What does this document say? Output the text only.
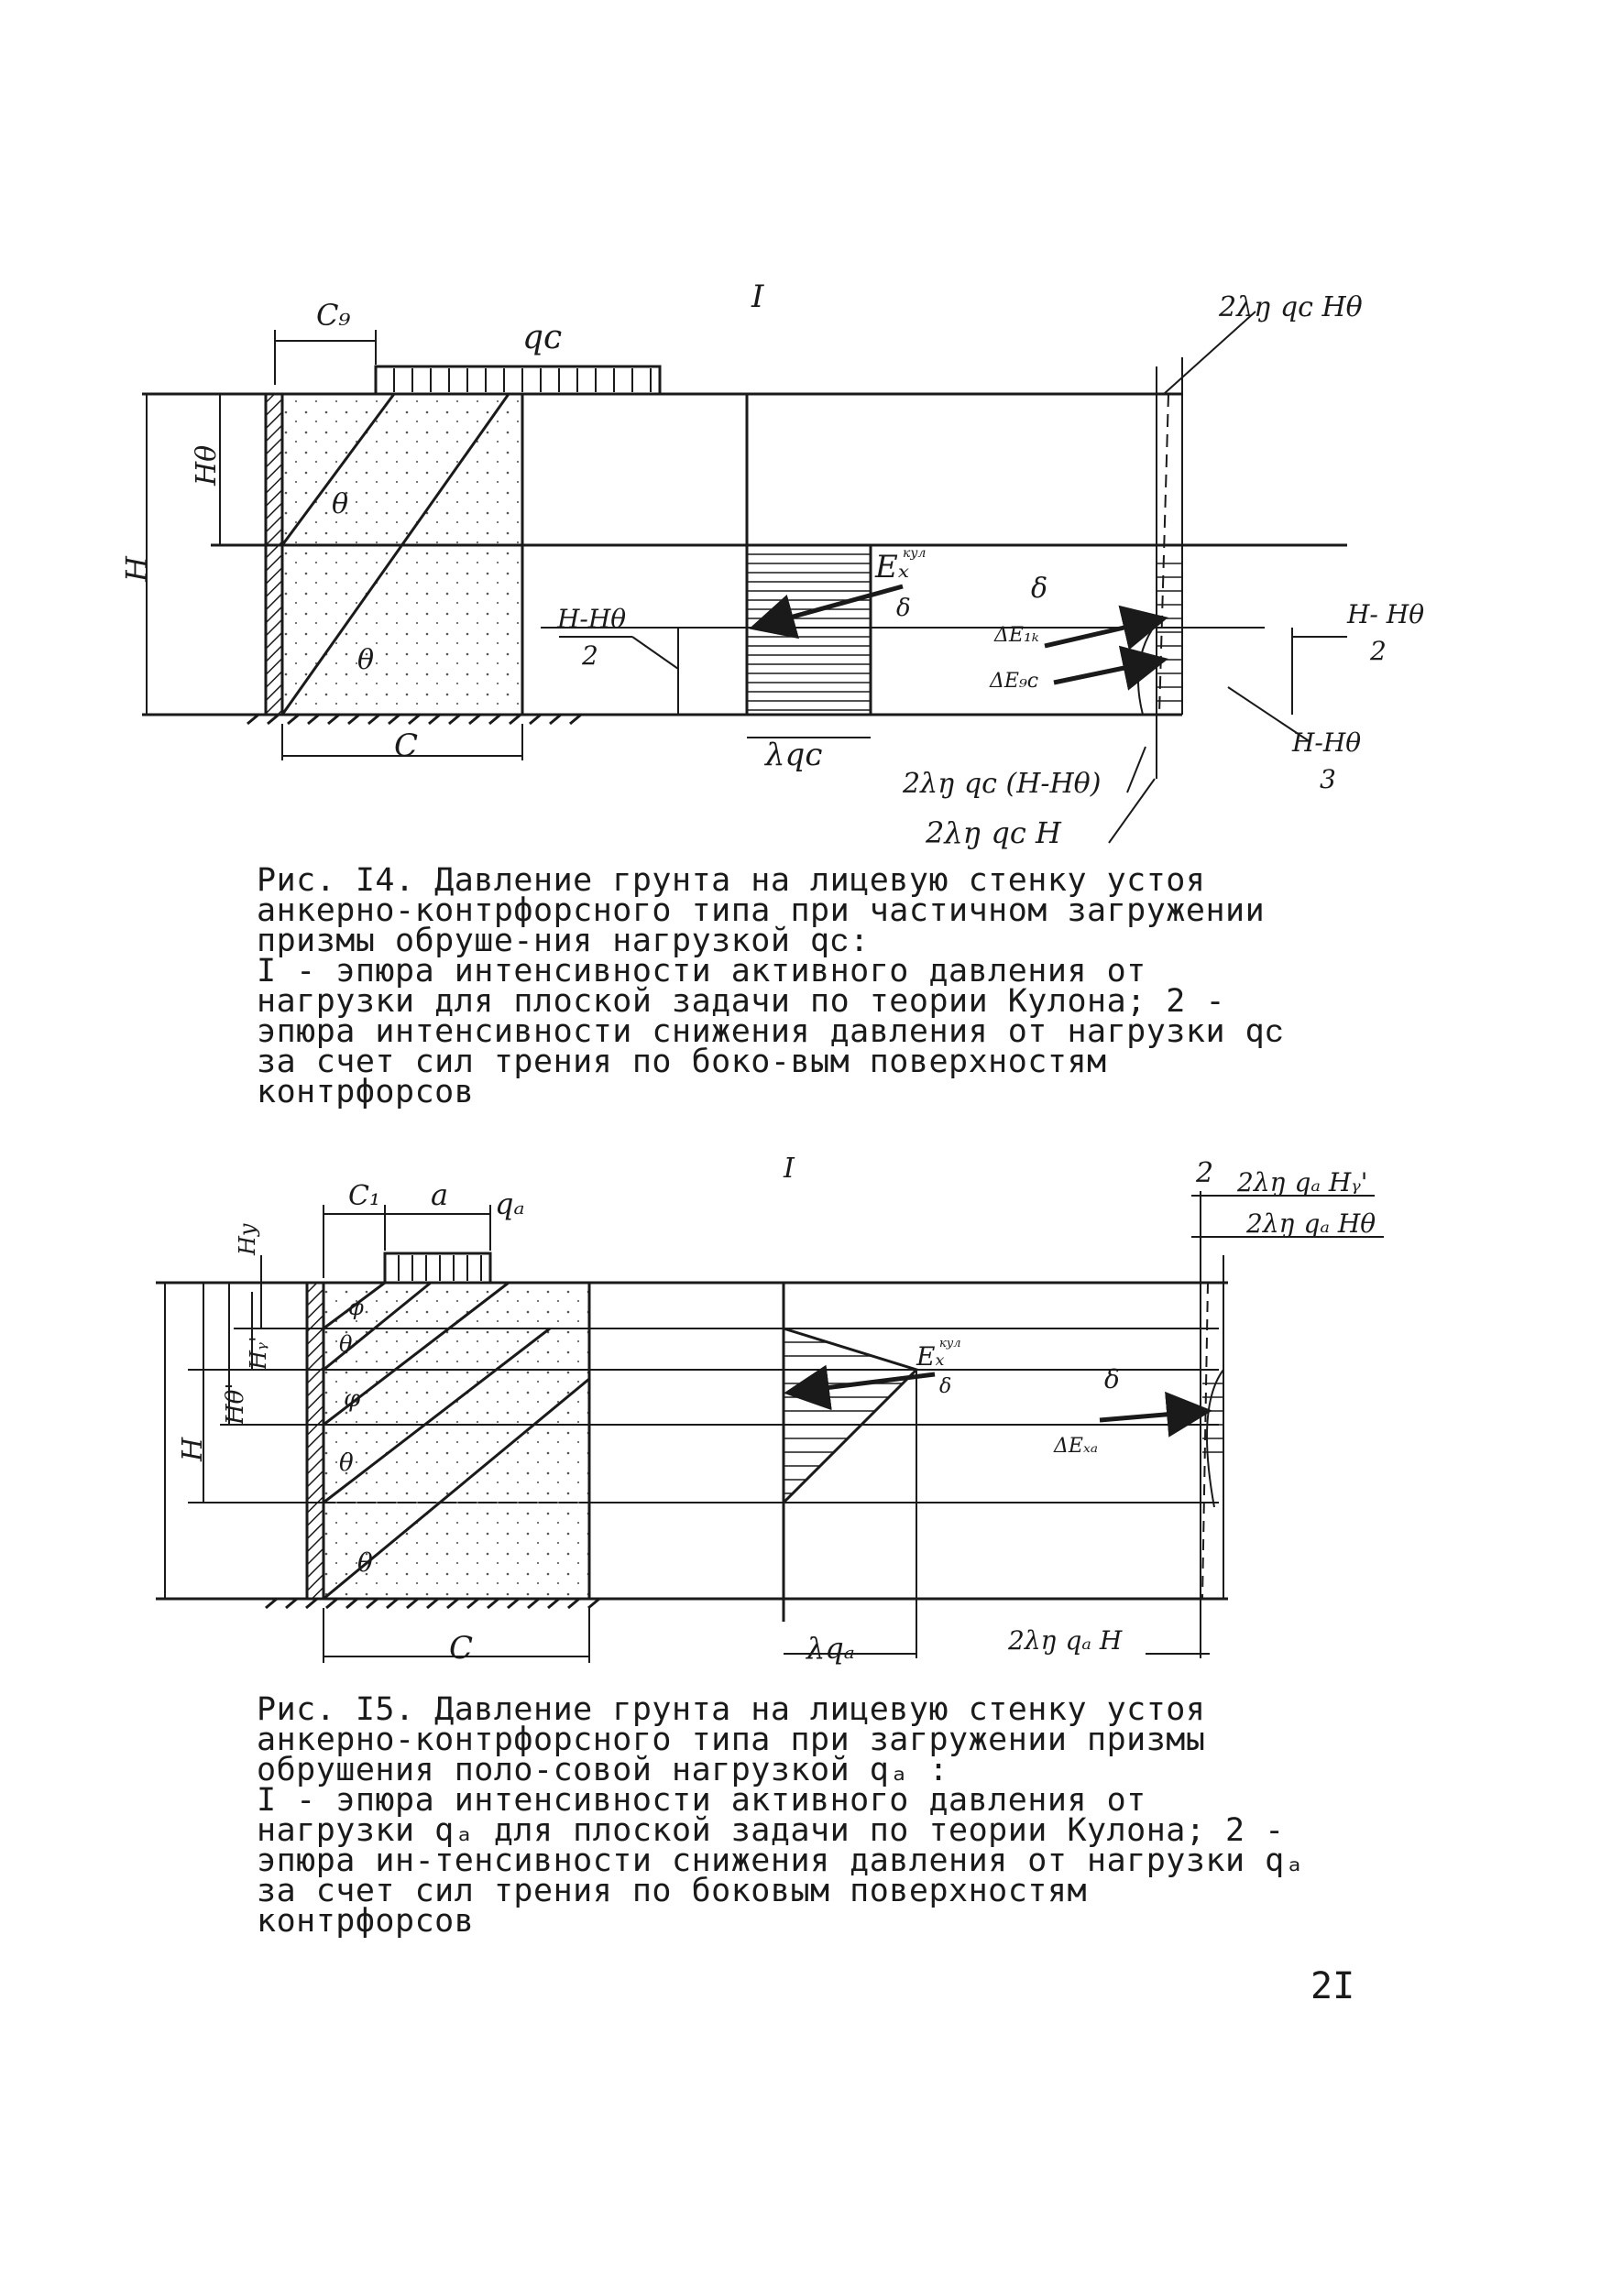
I
C₉
qᴄ
2λŋ qᴄ Hθ
Hθ
H
θ
θ
C
H-Hθ
2
Eₓ
кул
δ
λqᴄ
δ
ΔE₁ₖ
ΔE₉ᴄ
H- Hθ
2
H-Hθ
3
2λŋ qᴄ (H-Hθ)
2λŋ qᴄ H

Рис. I4. Давление грунта на лицевую стенку устоя анкерно-контрфорсного типа при частичном загружении призмы обруше-ния нагрузкой qᴄ:

I - эпюра интенсивности активного давления от нагрузки для плоской задачи по теории Кулона; 2 - эпюра интенсивности снижения давления от нагрузки qᴄ за счет сил трения по боко-вым поверхностям контрфорсов

I	2
C₁ a qₐ
2λŋ qₐ Hᵧ'
2λŋ qₐ Hθ
Hy
H
Hθ'
Hᵧ'
φ
θ
φ
θ
θ
C
Eₓ
кул
δ	δ
ΔEₓₐ
λqₐ	2λŋ qₐ H

Рис. I5. Давление грунта на лицевую стенку устоя анкерно-контрфорсного типа при загружении призмы обрушения поло-совой нагрузкой qₐ :

I - эпюра интенсивности активного давления от нагрузки qₐ для плоской задачи по теории Кулона; 2 - эпюра ин-тенсивности снижения давления от нагрузки qₐ за счет сил трения по боковым поверхностям контрфорсов

2I
